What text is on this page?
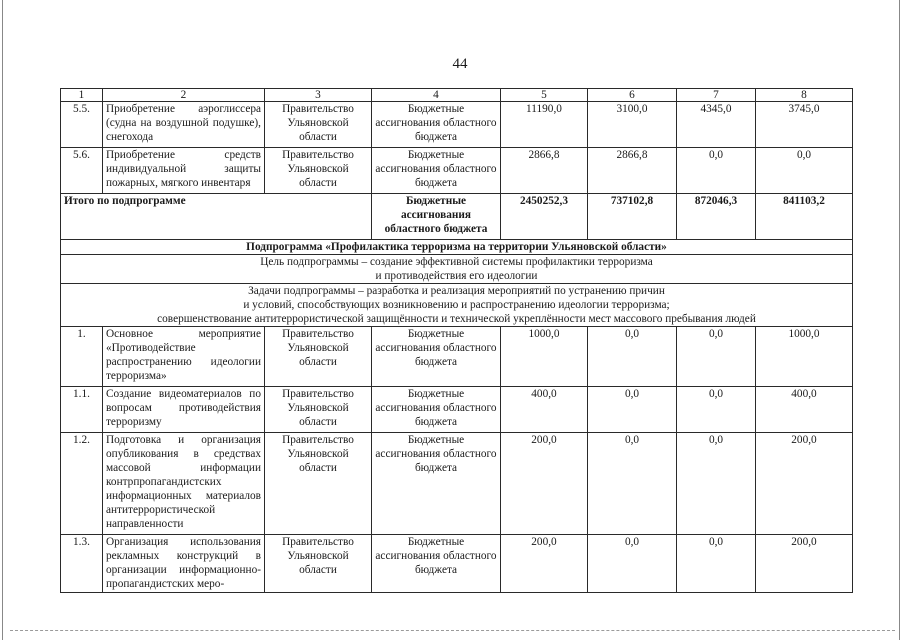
44
1	2	3	4	5	6	7	8
5.5.	Приобретение аэроглиссера (судна на воздушной подушке), снегохода	Правительство Ульяновской области	Бюджетные ассигнования областного бюджета	11190,0	3100,0	4345,0	3745,0
5.6.	Приобретение средств индивидуальной защиты пожарных, мягкого инвентаря	Правительство Ульяновской области	Бюджетные ассигнования областного бюджета	2866,8	2866,8	0,0	0,0
Итого по подпрограмме			Бюджетные ассигнования областного бюджета	2450252,3	737102,8	872046,3	841103,2
Подпрограмма «Профилактика терроризма на территории Ульяновской области»							

Цель подпрограммы – создание эффективной системы профилактики терроризма
и противодействия его идеологии							

Задачи подпрограммы – разработка и реализация мероприятий по устранению причин
и условий, способствующих возникновению и распространению идеологии терроризма;
совершенствование антитеррористической защищённости и технической укреплённости мест массового пребывания людей							

1.	Основное мероприятие «Противодействие распространению идеологии терроризма»	Правительство Ульяновской области	Бюджетные ассигнования областного бюджета	1000,0	0,0	0,0	1000,0
1.1.	Создание видеоматериалов по вопросам противодействия терроризму	Правительство Ульяновской области	Бюджетные ассигнования областного бюджета	400,0	0,0	0,0	400,0
1.2.	Подготовка и организация опубликования в средствах массовой информации контрпропагандистских информационных материалов антитеррористической направленности	Правительство Ульяновской области	Бюджетные ассигнования областного бюджета	200,0	0,0	0,0	200,0
1.3.	Организация использования рекламных конструкций в организации информационно-пропагандистских меро-	Правительство Ульяновской области	Бюджетные ассигнования областного бюджета	200,0	0,0	0,0	200,0
